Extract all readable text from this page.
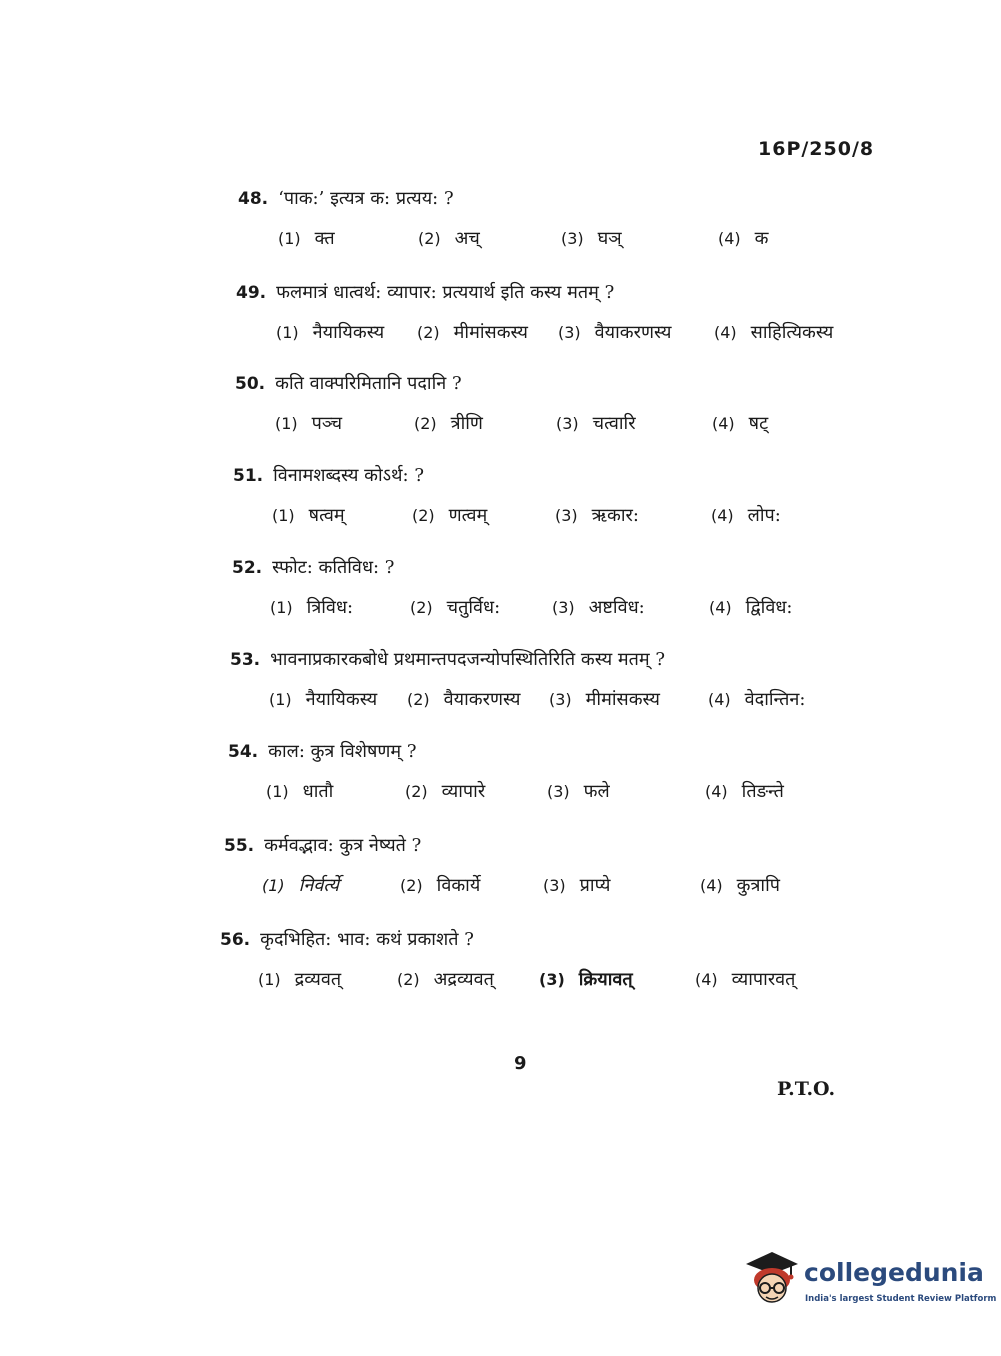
16P/250/8
48. ‘पाक:’ इत्यत्र क: प्रत्यय: ?
(1) क्त	(2) अच्	(3) घञ्	(4) क
49. फलमात्रं धात्वर्थ: व्यापार: प्रत्ययार्थ इति कस्य मतम् ?
(1) नैयायिकस्य (2) मीमांसकस्य (3) वैयाकरणस्य	(4) साहित्यिकस्य
50. कति वाक्परिमितानि पदानि ?
(1) पञ्च	(2) त्रीणि	(3) चत्वारि	(4) षट्
51. विनामशब्दस्य कोऽर्थ: ?
(1) षत्वम्	(2) णत्वम्	(3) ऋकार:	(4) लोप:
52. स्फोट: कतिविध: ?
(1) त्रिविध:	(2) चतुर्विध:	(3) अष्टविध:	(4) द्विविध:
53. भावनाप्रकारकबोधे प्रथमान्तपदजन्योपस्थितिरिति कस्य मतम् ?
(1) नैयायिकस्य (2) वैयाकरणस्य (3) मीमांसकस्य	(4) वेदान्तिन:
54. काल: कुत्र विशेषणम् ?
(1) धातौ	(2) व्यापारे	(3) फले	(4) तिङन्ते
55. कर्मवद्भाव: कुत्र नेष्यते ?
(1) निर्वर्त्ये	(2) विकार्ये	(3) प्राप्ये	(4) कुत्रापि
56. कृदभिहित: भाव: कथं प्रकाशते ?
(1) द्रव्यवत्	(2) अद्रव्यवत्	(3) क्रियावत्	(4) व्यापारवत्
9
P.T.O.
collegedunia
India's largest Student Review Platform
